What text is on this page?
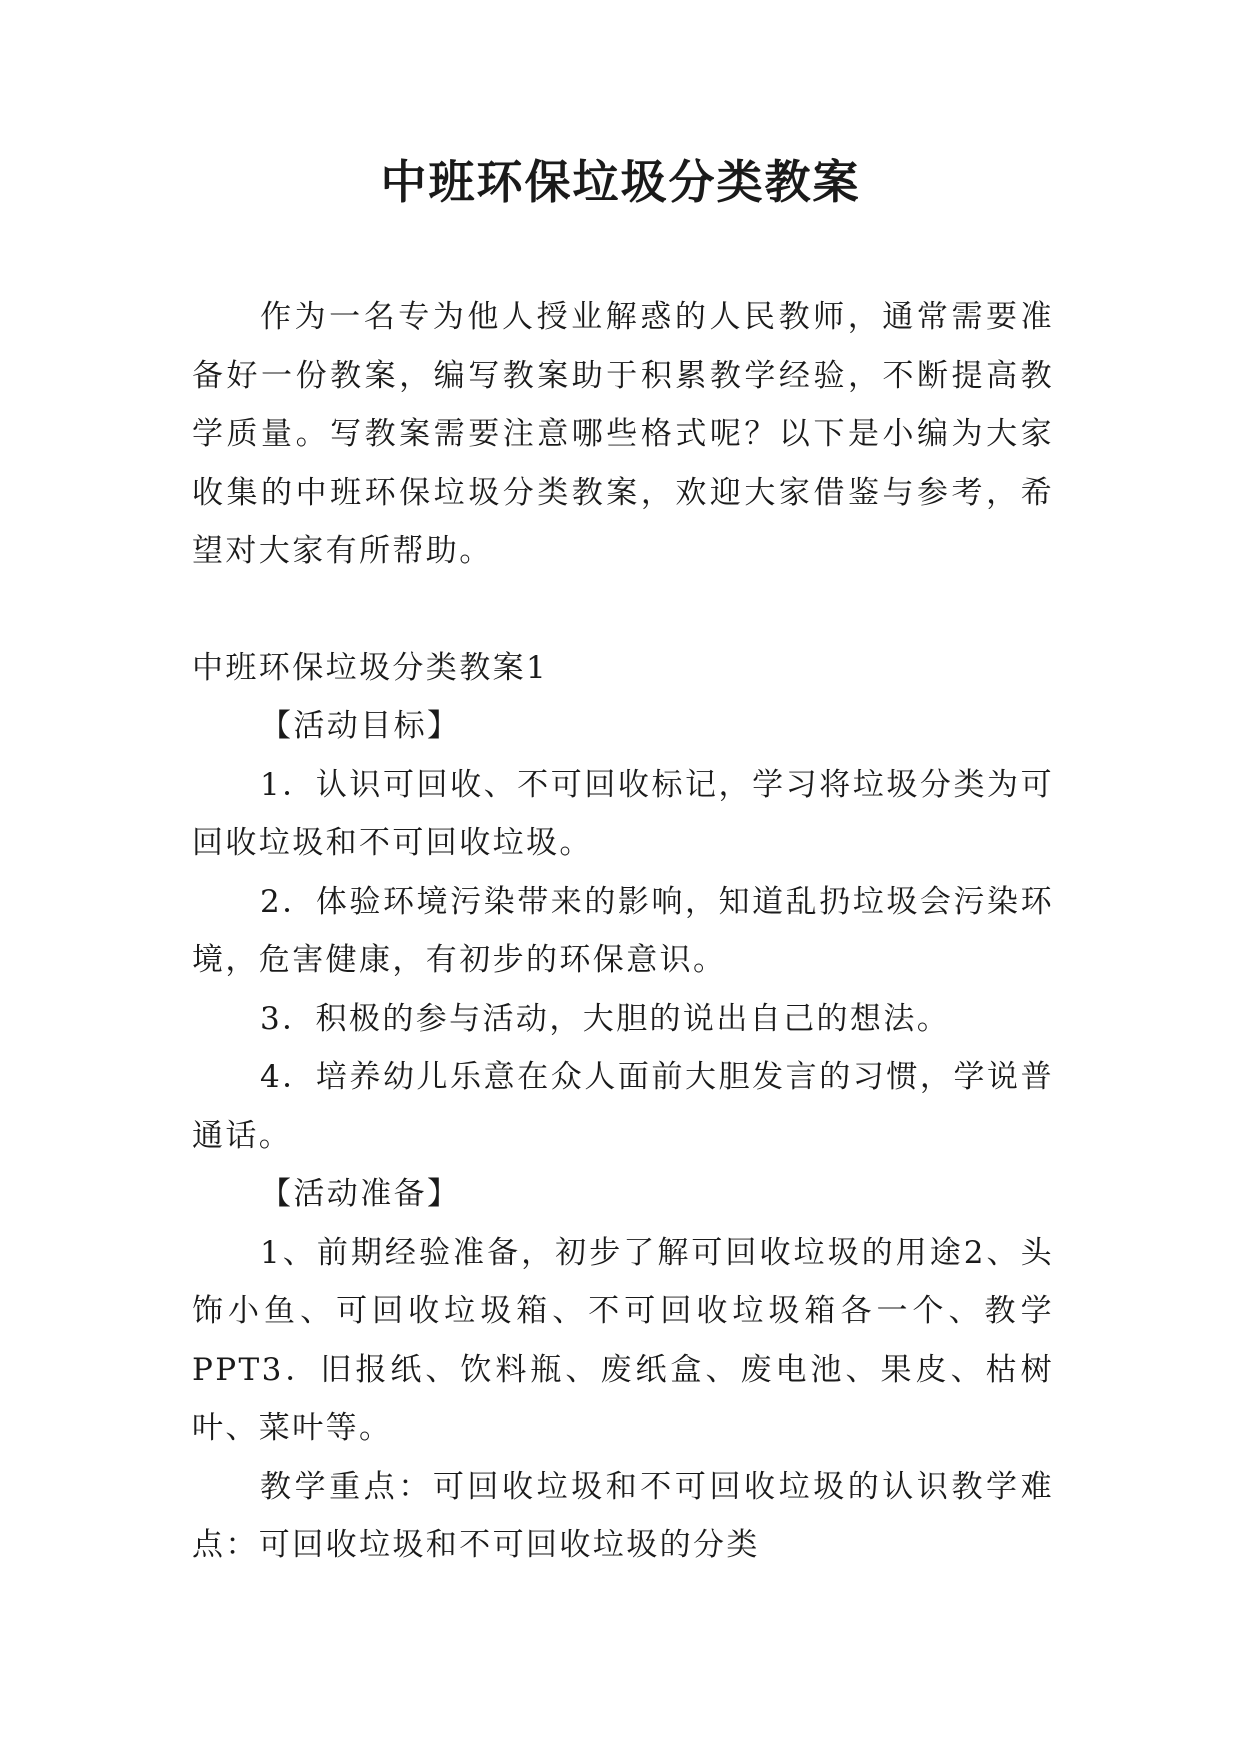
中班环保垃圾分类教案

作为一名专为他人授业解惑的人民教师，通常需要准备好一份教案，编写教案助于积累教学经验，不断提高教学质量。写教案需要注意哪些格式呢？以下是小编为大家收集的中班环保垃圾分类教案，欢迎大家借鉴与参考，希望对大家有所帮助。

中班环保垃圾分类教案1

【活动目标】

1．认识可回收、不可回收标记，学习将垃圾分类为可回收垃圾和不可回收垃圾。

2．体验环境污染带来的影响，知道乱扔垃圾会污染环境，危害健康，有初步的环保意识。

3．积极的参与活动，大胆的说出自己的想法。

4．培养幼儿乐意在众人面前大胆发言的习惯，学说普通话。

【活动准备】

1、前期经验准备，初步了解可回收垃圾的用途2、头饰小鱼、可回收垃圾箱、不可回收垃圾箱各一个、教学PPT3．旧报纸、饮料瓶、废纸盒、废电池、果皮、枯树叶、菜叶等。

教学重点：可回收垃圾和不可回收垃圾的认识教学难点：可回收垃圾和不可回收垃圾的分类
